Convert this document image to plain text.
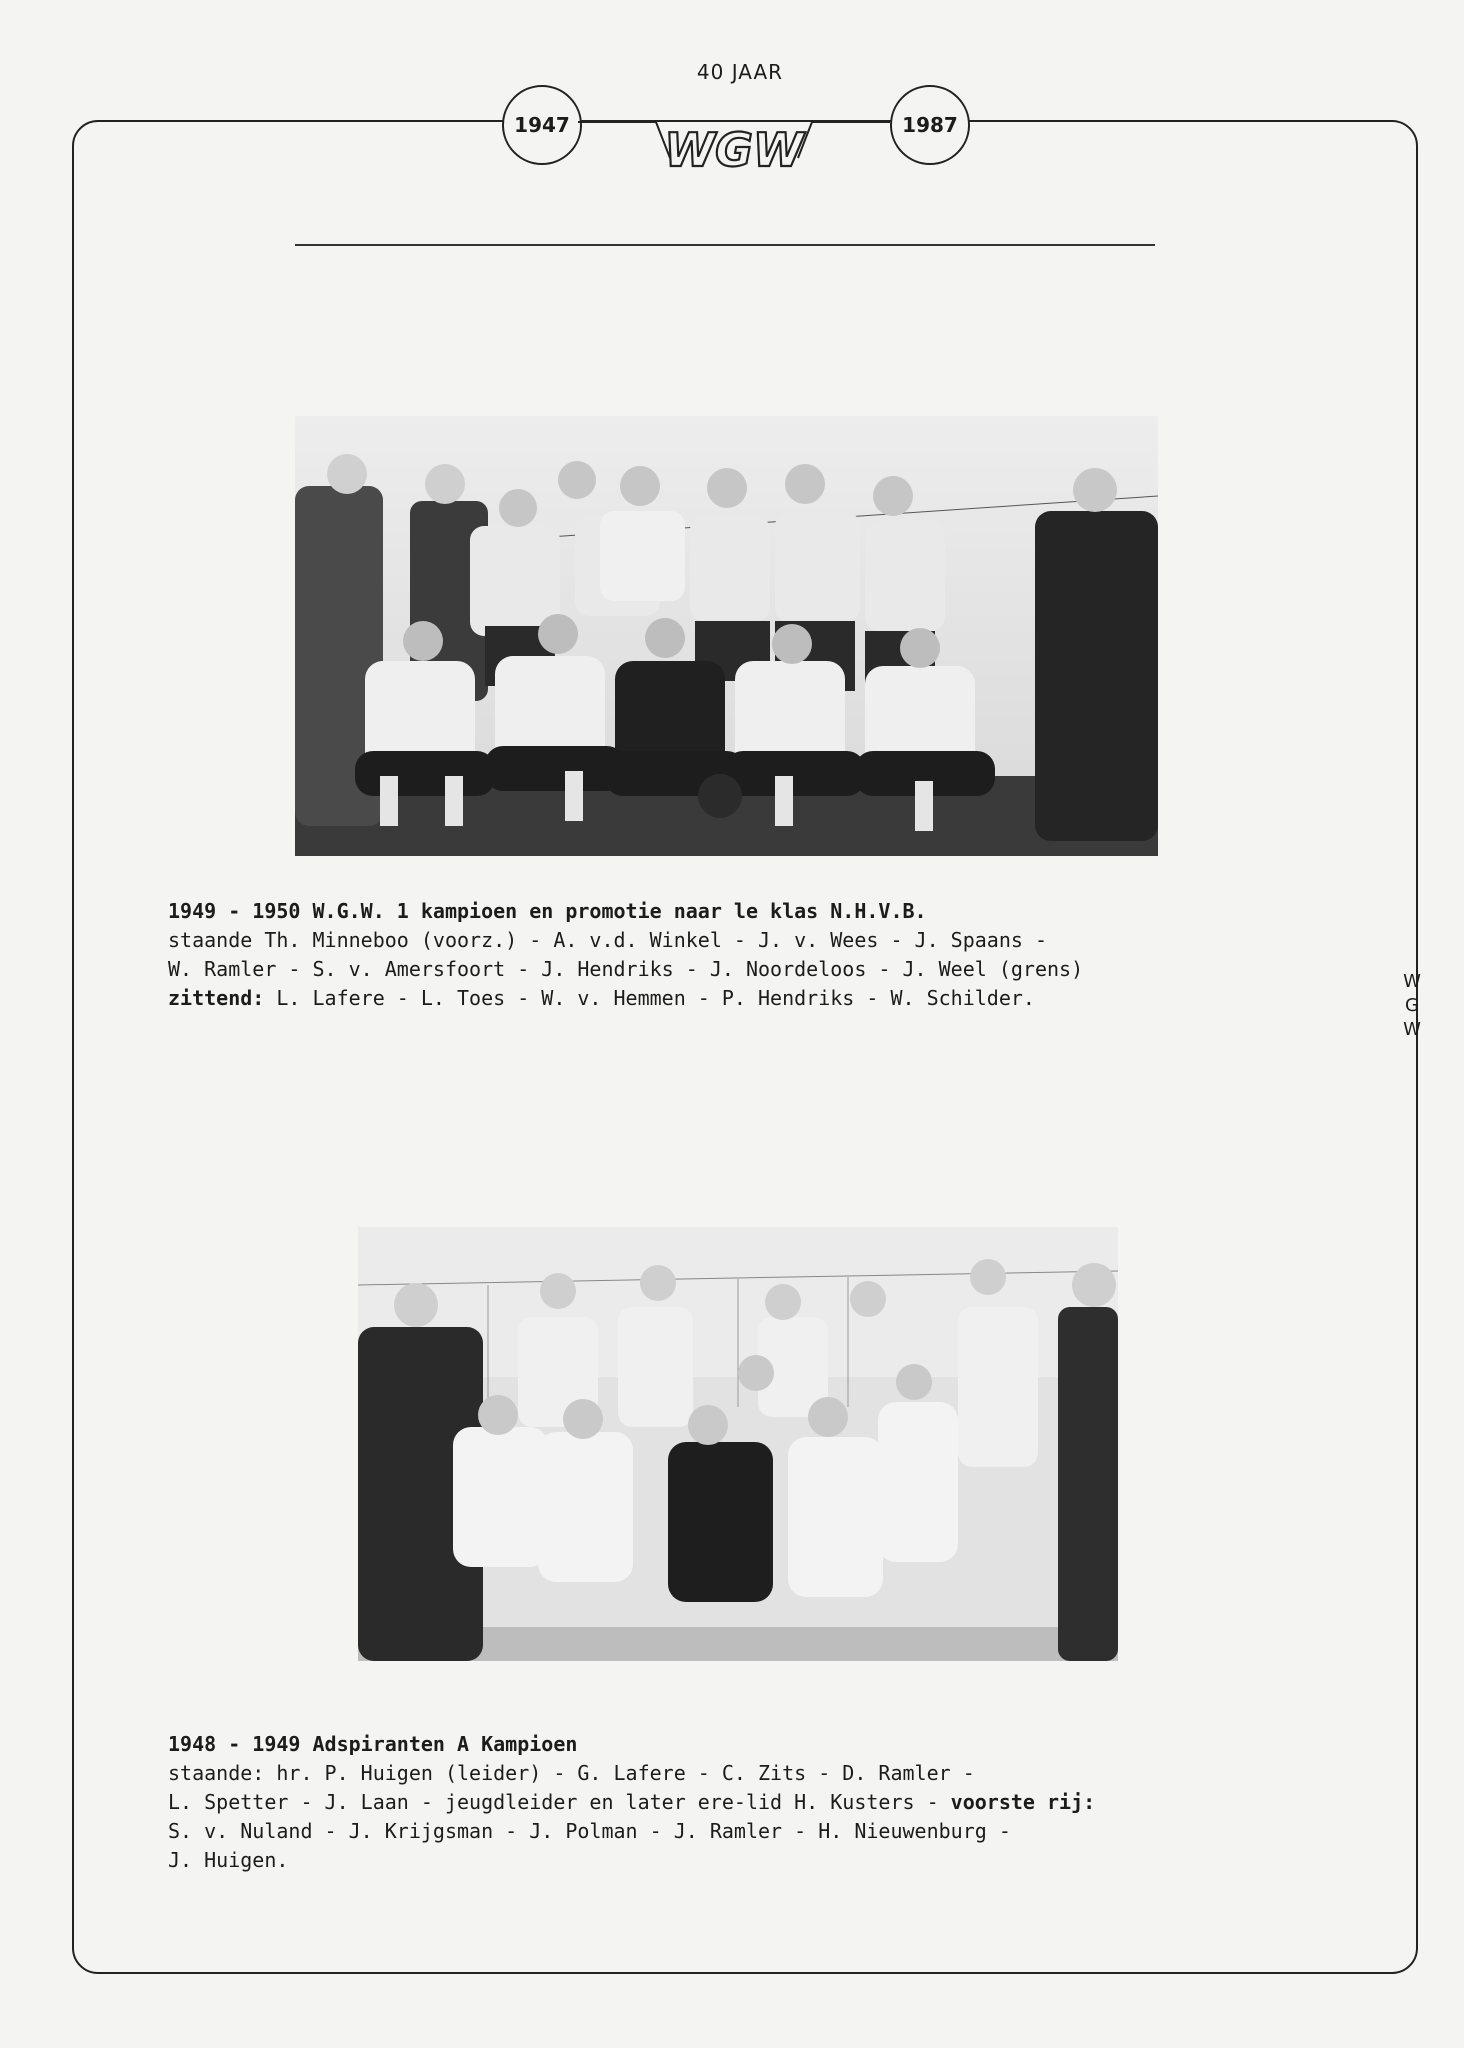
40 JAAR
1947	1987
WGW
W
G
W
1949 - 1950 W.G.W. 1 kampioen en promotie naar le klas N.H.V.B.
staande Th. Minneboo (voorz.) - A. v.d. Winkel - J. v. Wees - J. Spaans -
W. Ramler - S. v. Amersfoort - J. Hendriks - J. Noordeloos - J. Weel (grens)
zittend: L. Lafere - L. Toes - W. v. Hemmen - P. Hendriks - W. Schilder.
1948 - 1949 Adspiranten A Kampioen
staande: hr. P. Huigen (leider) - G. Lafere - C. Zits - D. Ramler -
L. Spetter - J. Laan - jeugdleider en later ere-lid H. Kusters - voorste rij:
S. v. Nuland - J. Krijgsman - J. Polman - J. Ramler - H. Nieuwenburg -
J. Huigen.
